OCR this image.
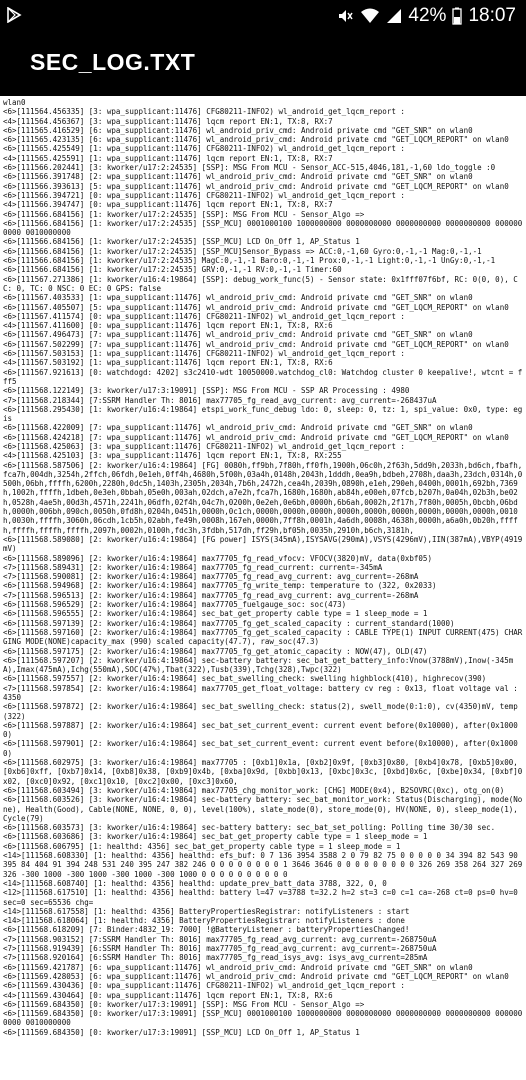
42% 18:07
SEC_LOG.TXT
wlan0
<6>[111564.456335] [3: wpa_supplicant:11476] CFG80211-INFO2) wl_android_get_lqcm_report :
<4>[111564.456367] [3: wpa_supplicant:11476] lqcm report EN:1, TX:8, RX:7
<6>[111565.416529] [6: wpa_supplicant:11476] wl_android_priv_cmd: Android private cmd "GET_SNR" on wlan0
<6>[111565.423135] [6: wpa_supplicant:11476] wl_android_priv_cmd: Android private cmd "GET_LQCM_REPORT" on wlan0
<6>[111565.425549] [1: wpa_supplicant:11476] CFG80211-INFO2) wl_android_get_lqcm_report :
<4>[111565.425591] [1: wpa_supplicant:11476] lqcm report EN:1, TX:8, RX:7
<6>[111566.202441] [3: kworker/u17:2:24535] [SSP]: MSG From MCU - Sensor_ACC-515,4046,181,-1,60 ldo_toggle :0
<6>[111566.391748] [2: wpa_supplicant:11476] wl_android_priv_cmd: Android private cmd "GET_SNR" on wlan0
<6>[111566.393613] [5: wpa_supplicant:11476] wl_android_priv_cmd: Android private cmd "GET_LQCM_REPORT" on wlan0
<6>[111566.394721] [0: wpa_supplicant:11476] CFG80211-INFO2) wl_android_get_lqcm_report :
<4>[111566.394747] [0: wpa_supplicant:11476] lqcm report EN:1, TX:8, RX:7
<6>[111566.684156] [1: kworker/u17:2:24535] [SSP]: MSG From MCU - Sensor_Algo =>
<6>[111566.684156] [1: kworker/u17:2:24535] [SSP_MCU] 0001000100 1000000000 0000000000 0000000000 0000000000 0000000000 0010000000
<6>[111566.684156] [1: kworker/u17:2:24535] [SSP_MCU] LCD On_Off 1, AP_Status 1
<6>[111566.684156] [1: kworker/u17:2:24535] [SSP_MCU]Sensor_Bypass => ACC:0,-1,60 Gyro:0,-1,-1 Mag:0,-1,-1
<6>[111566.684156] [1: kworker/u17:2:24535] MagC:0,-1,-1 Baro:0,-1,-1 Prox:0,-1,-1 Light:0,-1,-1 UnGy:0,-1,-1
<6>[111566.684156] [1: kworker/u17:2:24535] GRV:0,-1,-1 RV:0,-1,-1 Timer:60
<6>[111567.271386] [1: kworker/u16:4:19864] [SSP]: debug_work_func(5) - Sensor state: 0x1fff07f6bf, RC: 0(0, 0), CC: 0, TC: 0 NSC: 0 EC: 0 GPS: false
<6>[111567.403533] [1: wpa_supplicant:11476] wl_android_priv_cmd: Android private cmd "GET_SNR" on wlan0
<6>[111567.405507] [5: wpa_supplicant:11476] wl_android_priv_cmd: Android private cmd "GET_LQCM_REPORT" on wlan0
<6>[111567.411574] [0: wpa_supplicant:11476] CFG80211-INFO2) wl_android_get_lqcm_report :
<4>[111567.411600] [0: wpa_supplicant:11476] lqcm report EN:1, TX:8, RX:6
<6>[111567.496473] [7: wpa_supplicant:11476] wl_android_priv_cmd: Android private cmd "GET_SNR" on wlan0
<6>[111567.502299] [7: wpa_supplicant:11476] wl_android_priv_cmd: Android private cmd "GET_LQCM_REPORT" on wlan0
<6>[111567.503153] [1: wpa_supplicant:11476] CFG80211-INFO2) wl_android_get_lqcm_report :
<4>[111567.503192] [1: wpa_supplicant:11476] lqcm report EN:1, TX:8, RX:6
<6>[111567.921613] [0: watchdogd: 4202] s3c2410-wdt 10050000.watchdog_cl0: Watchdog cluster 0 keepalive!, wtcnt = fff5
<6>[111568.122149] [3: kworker/u17:3:19091] [SSP]: MSG From MCU - SSP AR Processing : 4980
<7>[111568.218344] [7:SSRM Handler Th: 8016] max77705_fg_read_avg_current: avg_current=-268437uA
<6>[111568.295430] [1: kworker/u16:4:19864] etspi_work_func_debug ldo: 0, sleep: 0, tz: 1, spi_value: 0x0, type: egis
<6>[111568.422009] [7: wpa_supplicant:11476] wl_android_priv_cmd: Android private cmd "GET_SNR" on wlan0
<6>[111568.424218] [7: wpa_supplicant:11476] wl_android_priv_cmd: Android private cmd "GET_LQCM_REPORT" on wlan0
<6>[111568.425063] [3: wpa_supplicant:11476] CFG80211-INFO2) wl_android_get_lqcm_report :
<4>[111568.425103] [3: wpa_supplicant:11476] lqcm report EN:1, TX:8, RX:255
<6>[111568.587506] [2: kworker/u16:4:19864] [FG] 0080h,ff9bh,7f80h,ff0fh,1900h,06c0h,2f63h,5dd9h,2033h,bd6ch,fbafh,fca7h,004dh,3254h,2ffch,06fdh,0e1eh,0ff4h,4680h,5f00h,03a4h,0148h,2043h,1dddh,0ea9h,bdbeh,2708h,daa3h,23dch,0314h,0500h,06bh,ffffh,6200h,2280h,0dc5h,1403h,2305h,2034h,7b6h,2472h,cea4h,2039h,0890h,e1eh,290eh,0400h,0001h,692bh,7369h,1002h,ffffh,1dbeh,0e3eh,0bbah,05e0h,003ah,02dch,a7e2h,fca7h,1680h,1680h,ab84h,e00eh,07fcb,b207h,0a04h,02b3h,be02h,0528h,4ae5h,00d3h,4571h,2241h,06dfh,02f4h,04c7h,0200h,0e2eh,0e6bh,0000h,6b6ah,0002h,2f17h,7f80h,0005h,0bcbh,06bdh,0000h,006bh,090ch,0050h,0fd8h,0204h,0451h,0000h,0c1ch,0000h,0000h,0000h,0000h,0000h,0000h,0000h,0000h,0000h,0010h,0030h,ffffh,3060h,06cdh,1cb5h,02abh,fe49h,0008h,167eh,0000h,7ff8h,0001h,4a6dh,0008h,4638h,0000h,a6a0h,0b20h,ffffh,ffffh,ffffh,ffffh,2097h,0002h,0100h,fdc3h,3fdbh,517dh,ff29h,bf05h,0035h,2910h,b6ch,3181h,
<6>[111568.589080] [2: kworker/u16:4:19864] [FG power] ISYS(345mA),ISYSAVG(290mA),VSYS(4296mV),IIN(387mA),VBYP(4919mV)
<6>[111568.589096] [2: kworker/u16:4:19864] max77705_fg_read_vfocv: VFOCV(3820)mV, data(0xbf05)
<7>[111568.589431] [2: kworker/u16:4:19864] max77705_fg_read_current: current=-345mA
<7>[111568.590081] [2: kworker/u16:4:19864] max77705_fg_read_avg_current: avg_current=-268mA
<6>[111568.594968] [2: kworker/u16:4:19864] max77705_fg_write_temp: temperature to (322, 0x2033)
<7>[111568.596513] [2: kworker/u16:4:19864] max77705_fg_read_avg_current: avg_current=-268mA
<6>[111568.596529] [2: kworker/u16:4:19864] max77705_fuelgauge_soc: soc(473)
<6>[111568.596555] [2: kworker/u16:4:19864] sec_bat_get_property cable type = 1 sleep_mode = 1
<6>[111568.597139] [2: kworker/u16:4:19864] max77705_fg_get_scaled_capacity : current_standard(1000)
<6>[111568.597160] [2: kworker/u16:4:19864] max77705_fg_get_scaled_capacity : CABLE TYPE(1) INPUT CURRENT(475) CHARGING MODE(NONE)capacity_max (990) scaled capacity(47.7), raw_soc(47.3)
<6>[111568.597175] [2: kworker/u16:4:19864] max77705_fg_get_atomic_capacity : NOW(47), OLD(47)
<6>[111568.597207] [2: kworker/u16:4:19864] sec-battery battery: sec_bat_get_battery_info:Vnow(3788mV),Inow(-345mA),Imax(475mA),Ichg(550mA),SOC(47%),Tbat(322),Tusb(339),Tchg(328),Twpc(322)
<6>[111568.597557] [2: kworker/u16:4:19864] sec_bat_swelling_check: swelling highblock(410), highrecov(390)
<7>[111568.597854] [2: kworker/u16:4:19864] max77705_get_float_voltage: battery cv reg : 0x13, float voltage val : 4350
<6>[111568.597872] [2: kworker/u16:4:19864] sec_bat_swelling_check: status(2), swell_mode(0:1:0), cv(4350)mV, temp(322)
<6>[111568.597887] [2: kworker/u16:4:19864] sec_bat_set_current_event: current event before(0x10000), after(0x10000)
<6>[111568.597901] [2: kworker/u16:4:19864] sec_bat_set_current_event: current event before(0x10000), after(0x10000)
<6>[111568.602975] [3: kworker/u16:4:19864] max77705 : [0xb1]0x1a, [0xb2]0x9f, [0xb3]0x80, [0xb4]0x78, [0xb5]0x00, [0xb6]0xff, [0xb7]0x14, [0xb8]0x38, [0xb9]0x4b, [0xba]0x9d, [0xbb]0x13, [0xbc]0x3c, [0xbd]0x6c, [0xbe]0x34, [0xbf]0x02, [0xc0]0x92, [0xc1]0x10, [0xc2]0x00, [0xc3]0x60,
<6>[111568.603494] [3: kworker/u16:4:19864] max77705_chg_monitor_work: [CHG] MODE(0x4), B2SOVRC(0xc), otg_on(0)
<6>[111568.603526] [3: kworker/u16:4:19864] sec-battery battery: sec_bat_monitor_work: Status(Discharging), mode(None), Health(Good), Cable(NONE, NONE, 0, 0), level(100%), slate_mode(0), store_mode(0), HV(NONE, 0), sleep_mode(1), Cycle(79)
<6>[111568.603573] [3: kworker/u16:4:19864] sec-battery battery: sec_bat_set_polling: Polling time 30/30 sec.
<6>[111568.603686] [3: kworker/u16:4:19864] sec_bat_get_property cable type = 1 sleep_mode = 1
<6>[111568.606795] [1: healthd: 4356] sec_bat_get_property cable type = 1 sleep_mode = 1
<14>[111568.608330] [1: healthd: 4356] healthd: efs_buf: 0 7 136 3954 3588 2 0 79 82 75 0 0 0 0 0 34 394 82 543 90 395 84 404 91 394 248 531 240 395 247 382 246 0 0 0 0 0 0 0 0 1 3646 3646 0 0 0 0 0 0 0 0 0 326 269 358 264 327 269 326 -300 1000 -300 1000 -300 1000 -300 1000 0 0 0 0 0 0 0 0 0 0
<14>[111568.608740] [1: healthd: 4356] healthd: update_prev_batt_data 3788, 322, 0, 0
<12>[111568.617510] [1: healthd: 4356] healthd: battery l=47 v=3788 t=32.2 h=2 st=3 c=0 c=1 ca=-268 ct=0 ps=0 hv=0 sec=0 sec=65536 chg=
<14>[111568.617558] [1: healthd: 4356] BatteryPropertiesRegistrar: notifyListeners : start
<14>[111568.618064] [1: healthd: 4356] BatteryPropertiesRegistrar: notifyListeners : done
<6>[111568.618209] [7: Binder:4832_19: 7000] !@BatteryListener : batteryPropertiesChanged!
<7>[111568.903152] [7:SSRM Handler Th: 8016] max77705_fg_read_avg_current: avg_current=-268750uA
<7>[111568.919439] [6:SSRM Handler Th: 8016] max77705_fg_read_avg_current: avg_current=-268750uA
<7>[111568.920164] [6:SSRM Handler Th: 8016] max77705_fg_read_isys_avg: isys_avg_current=285mA
<6>[111569.421787] [6: wpa_supplicant:11476] wl_android_priv_cmd: Android private cmd "GET_SNR" on wlan0
<6>[111569.428053] [6: wpa_supplicant:11476] wl_android_priv_cmd: Android private cmd "GET_LQCM_REPORT" on wlan0
<6>[111569.430436] [0: wpa_supplicant:11476] CFG80211-INFO2) wl_android_get_lqcm_report :
<4>[111569.430464] [0: wpa_supplicant:11476] lqcm report EN:1, TX:8, RX:6
<6>[111569.684350] [0: kworker/u17:3:19091] [SSP]: MSG From MCU - Sensor_Algo =>
<6>[111569.684350] [0: kworker/u17:3:19091] [SSP_MCU] 0001000100 1000000000 0000000000 0000000000 0000000000 0000000000 0010000000
<6>[111569.684350] [0: kworker/u17:3:19091] [SSP_MCU] LCD On_Off 1, AP_Status 1
